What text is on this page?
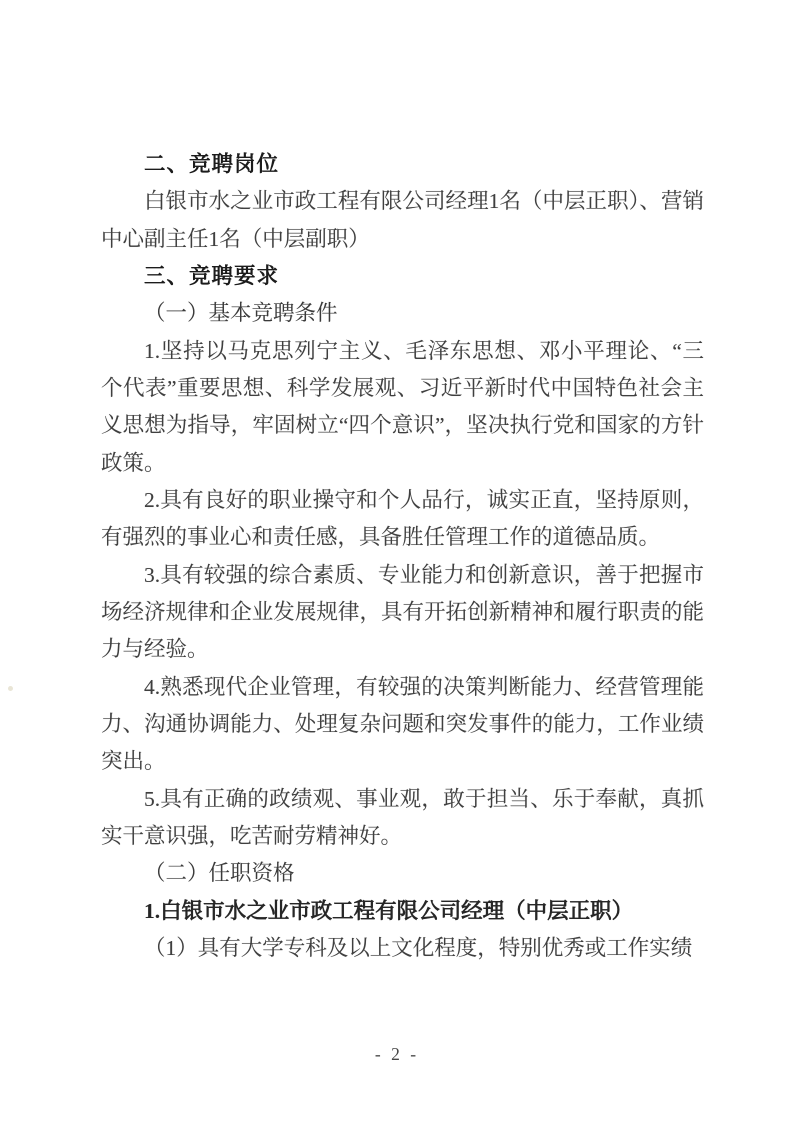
二、竞聘岗位

白银市水之业市政工程有限公司经理1名（中层正职）、营销中心副主任1名（中层副职）

三、竞聘要求
（一）基本竞聘条件

1.坚持以马克思列宁主义、毛泽东思想、邓小平理论、“三个代表”重要思想、科学发展观、习近平新时代中国特色社会主义思想为指导，牢固树立“四个意识”，坚决执行党和国家的方针政策。

2.具有良好的职业操守和个人品行，诚实正直，坚持原则，有强烈的事业心和责任感，具备胜任管理工作的道德品质。

3.具有较强的综合素质、专业能力和创新意识，善于把握市场经济规律和企业发展规律，具有开拓创新精神和履行职责的能力与经验。

4.熟悉现代企业管理，有较强的决策判断能力、经营管理能力、沟通协调能力、处理复杂问题和突发事件的能力，工作业绩突出。

5.具有正确的政绩观、事业观，敢于担当、乐于奉献，真抓实干意识强，吃苦耐劳精神好。

（二）任职资格

1.白银市水之业市政工程有限公司经理（中层正职）

（1）具有大学专科及以上文化程度，特别优秀或工作实绩

- 2 -
